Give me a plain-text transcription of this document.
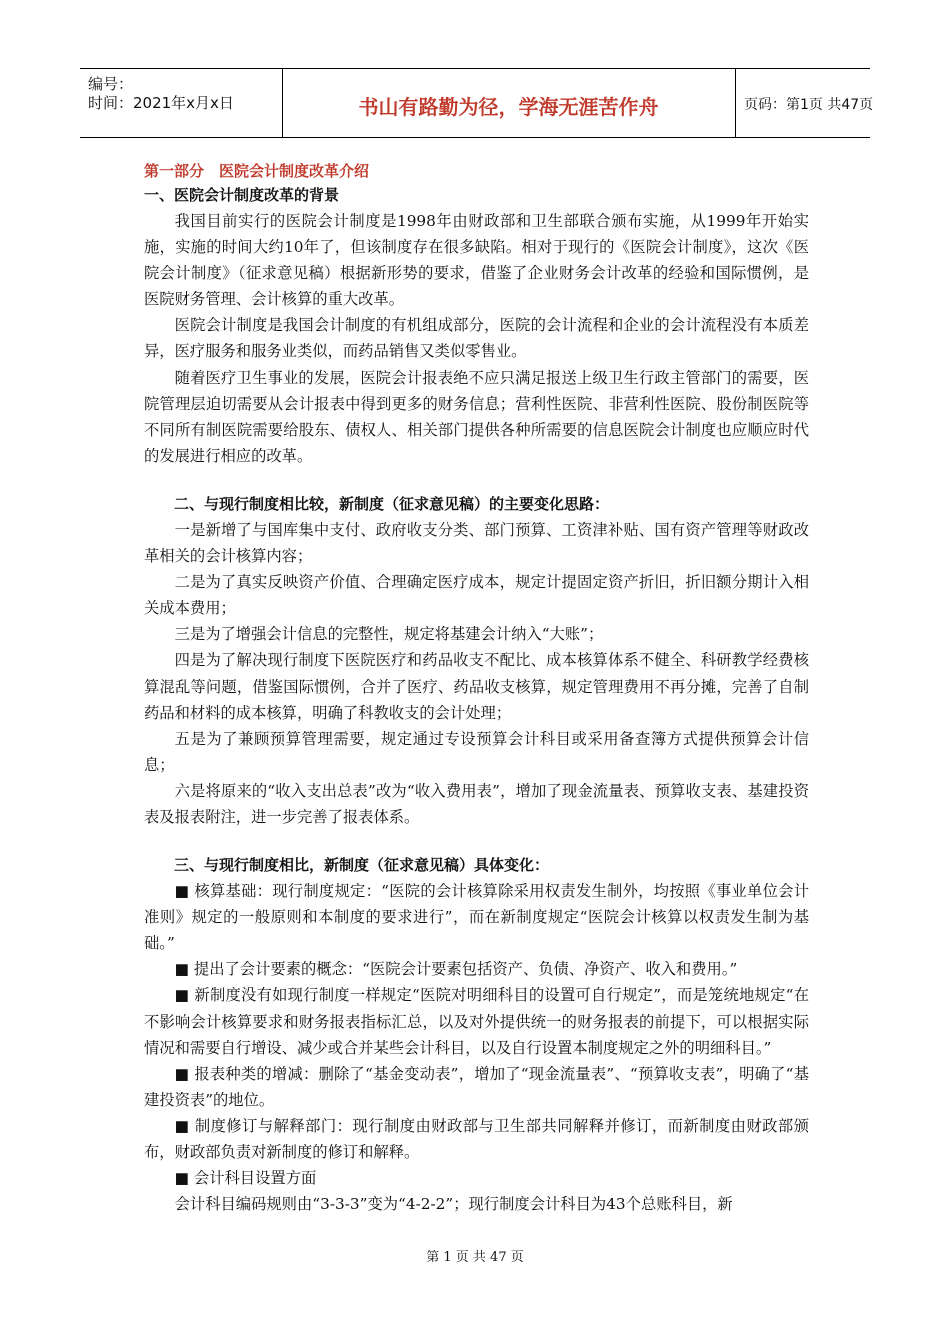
编号：
时间：2021年x月x日	书山有路勤为径，学海无涯苦作舟	页码：第1页 共47页

第一部分　医院会计制度改革介绍

一、医院会计制度改革的背景

我国目前实行的医院会计制度是1998年由财政部和卫生部联合颁布实施，从1999年开始实施，实施的时间大约10年了，但该制度存在很多缺陷。相对于现行的《医院会计制度》，这次《医院会计制度》（征求意见稿）根据新形势的要求，借鉴了企业财务会计改革的经验和国际惯例，是医院财务管理、会计核算的重大改革。

医院会计制度是我国会计制度的有机组成部分，医院的会计流程和企业的会计流程没有本质差异，医疗服务和服务业类似，而药品销售又类似零售业。

随着医疗卫生事业的发展，医院会计报表绝不应只满足报送上级卫生行政主管部门的需要，医院管理层迫切需要从会计报表中得到更多的财务信息；营利性医院、非营利性医院、股份制医院等不同所有制医院需要给股东、债权人、相关部门提供各种所需要的信息医院会计制度也应顺应时代的发展进行相应的改革。

二、与现行制度相比较，新制度（征求意见稿）的主要变化思路：

一是新增了与国库集中支付、政府收支分类、部门预算、工资津补贴、国有资产管理等财政改革相关的会计核算内容；

二是为了真实反映资产价值、合理确定医疗成本，规定计提固定资产折旧，折旧额分期计入相关成本费用；

三是为了增强会计信息的完整性，规定将基建会计纳入“大账”；

四是为了解决现行制度下医院医疗和药品收支不配比、成本核算体系不健全、科研教学经费核算混乱等问题，借鉴国际惯例，合并了医疗、药品收支核算，规定管理费用不再分摊，完善了自制药品和材料的成本核算，明确了科教收支的会计处理；

五是为了兼顾预算管理需要，规定通过专设预算会计科目或采用备查簿方式提供预算会计信息；

六是将原来的“收入支出总表”改为“收入费用表”，增加了现金流量表、预算收支表、基建投资表及报表附注，进一步完善了报表体系。

三、与现行制度相比，新制度（征求意见稿）具体变化：

■ 核算基础：现行制度规定：“医院的会计核算除采用权责发生制外，均按照《事业单位会计准则》规定的一般原则和本制度的要求进行”，而在新制度规定“医院会计核算以权责发生制为基础。”

■ 提出了会计要素的概念：“医院会计要素包括资产、负债、净资产、收入和费用。”

■ 新制度没有如现行制度一样规定“医院对明细科目的设置可自行规定”，而是笼统地规定“在不影响会计核算要求和财务报表指标汇总，以及对外提供统一的财务报表的前提下，可以根据实际情况和需要自行增设、减少或合并某些会计科目，以及自行设置本制度规定之外的明细科目。”

■ 报表种类的增减：删除了“基金变动表”，增加了“现金流量表”、“预算收支表”，明确了“基建投资表”的地位。

■ 制度修订与解释部门：现行制度由财政部与卫生部共同解释并修订，而新制度由财政部颁布，财政部负责对新制度的修订和解释。

■ 会计科目设置方面

会计科目编码规则由“3-3-3”变为“4-2-2”；现行制度会计科目为43个总账科目，新

第 1 页 共 47 页
